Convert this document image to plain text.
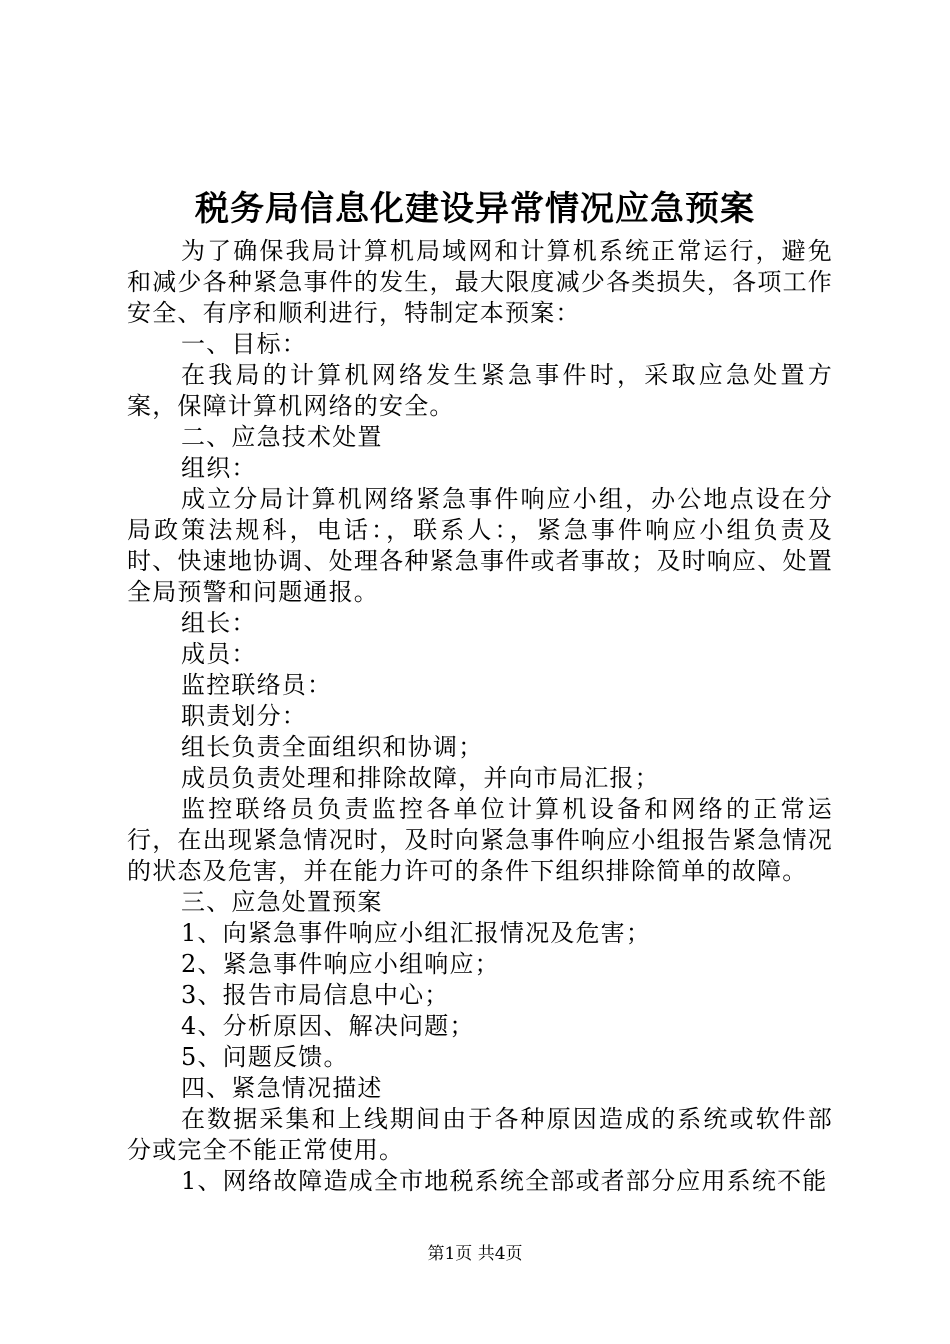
税务局信息化建设异常情况应急预案

为了确保我局计算机局域网和计算机系统正常运行，避免和减少各种紧急事件的发生，最大限度减少各类损失，各项工作安全、有序和顺利进行，特制定本预案：

一、目标：

在我局的计算机网络发生紧急事件时，采取应急处置方案，保障计算机网络的安全。

二、应急技术处置

组织：

成立分局计算机网络紧急事件响应小组，办公地点设在分局政策法规科，电话：，联系人：，紧急事件响应小组负责及时、快速地协调、处理各种紧急事件或者事故；及时响应、处置全局预警和问题通报。

组长：

成员：

监控联络员：

职责划分：

组长负责全面组织和协调；

成员负责处理和排除故障，并向市局汇报；

监控联络员负责监控各单位计算机设备和网络的正常运行，在出现紧急情况时，及时向紧急事件响应小组报告紧急情况的状态及危害，并在能力许可的条件下组织排除简单的故障。

三、应急处置预案

1、向紧急事件响应小组汇报情况及危害；

2、紧急事件响应小组响应；

3、报告市局信息中心；

4、分析原因、解决问题；

5、问题反馈。

四、紧急情况描述

在数据采集和上线期间由于各种原因造成的系统或软件部分或完全不能正常使用。

1、网络故障造成全市地税系统全部或者部分应用系统不能

第1页 共4页
